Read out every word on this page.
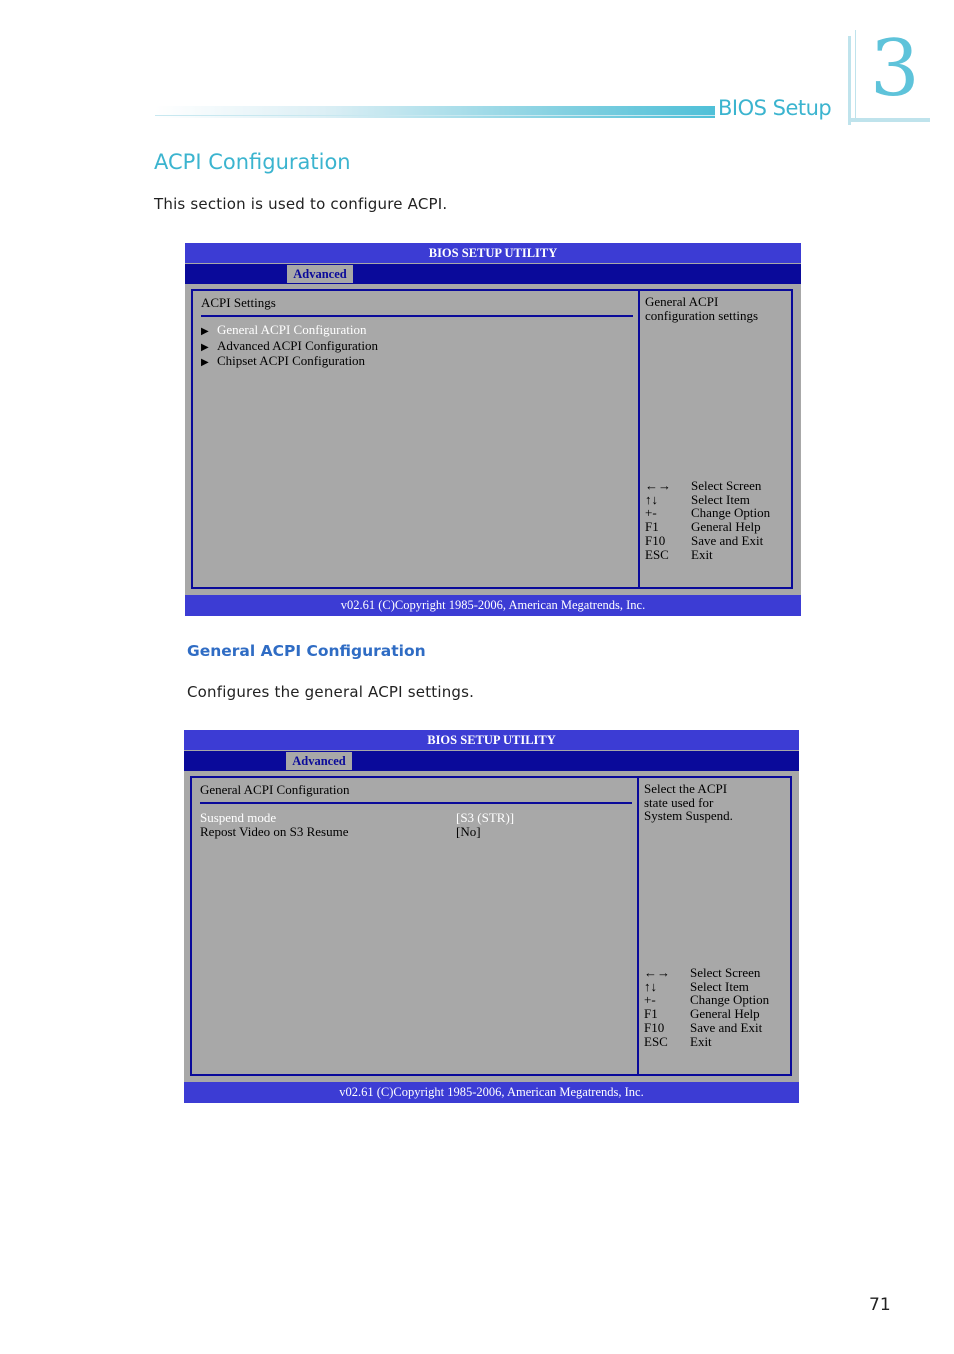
BIOS Setup 3
ACPI Configuration
This section is used to configure ACPI.
BIOS SETUP UTILITY
Advanced
ACPI Settings
▶ General ACPI Configuration
▶ Advanced ACPI Configuration
▶ Chipset ACPI Configuration
General ACPI
configuration settings
←→ Select Screen
↑↓	Select Item
+-	Change Option
F1 General Help
F10 Save and Exit
ESC Exit
v02.61 (C)Copyright 1985-2006, American Megatrends, Inc.
General ACPI Configuration
Configures the general ACPI settings.
BIOS SETUP UTILITY
Advanced
General ACPI Configuration
Suspend mode	[S3 (STR)]
Repost Video on S3 Resume	[No]
Select the ACPI
state used for
System Suspend.
←→ Select Screen
↑↓	Select Item
+-	Change Option
F1 General Help
F10 Save and Exit
ESC Exit
v02.61 (C)Copyright 1985-2006, American Megatrends, Inc.
71
